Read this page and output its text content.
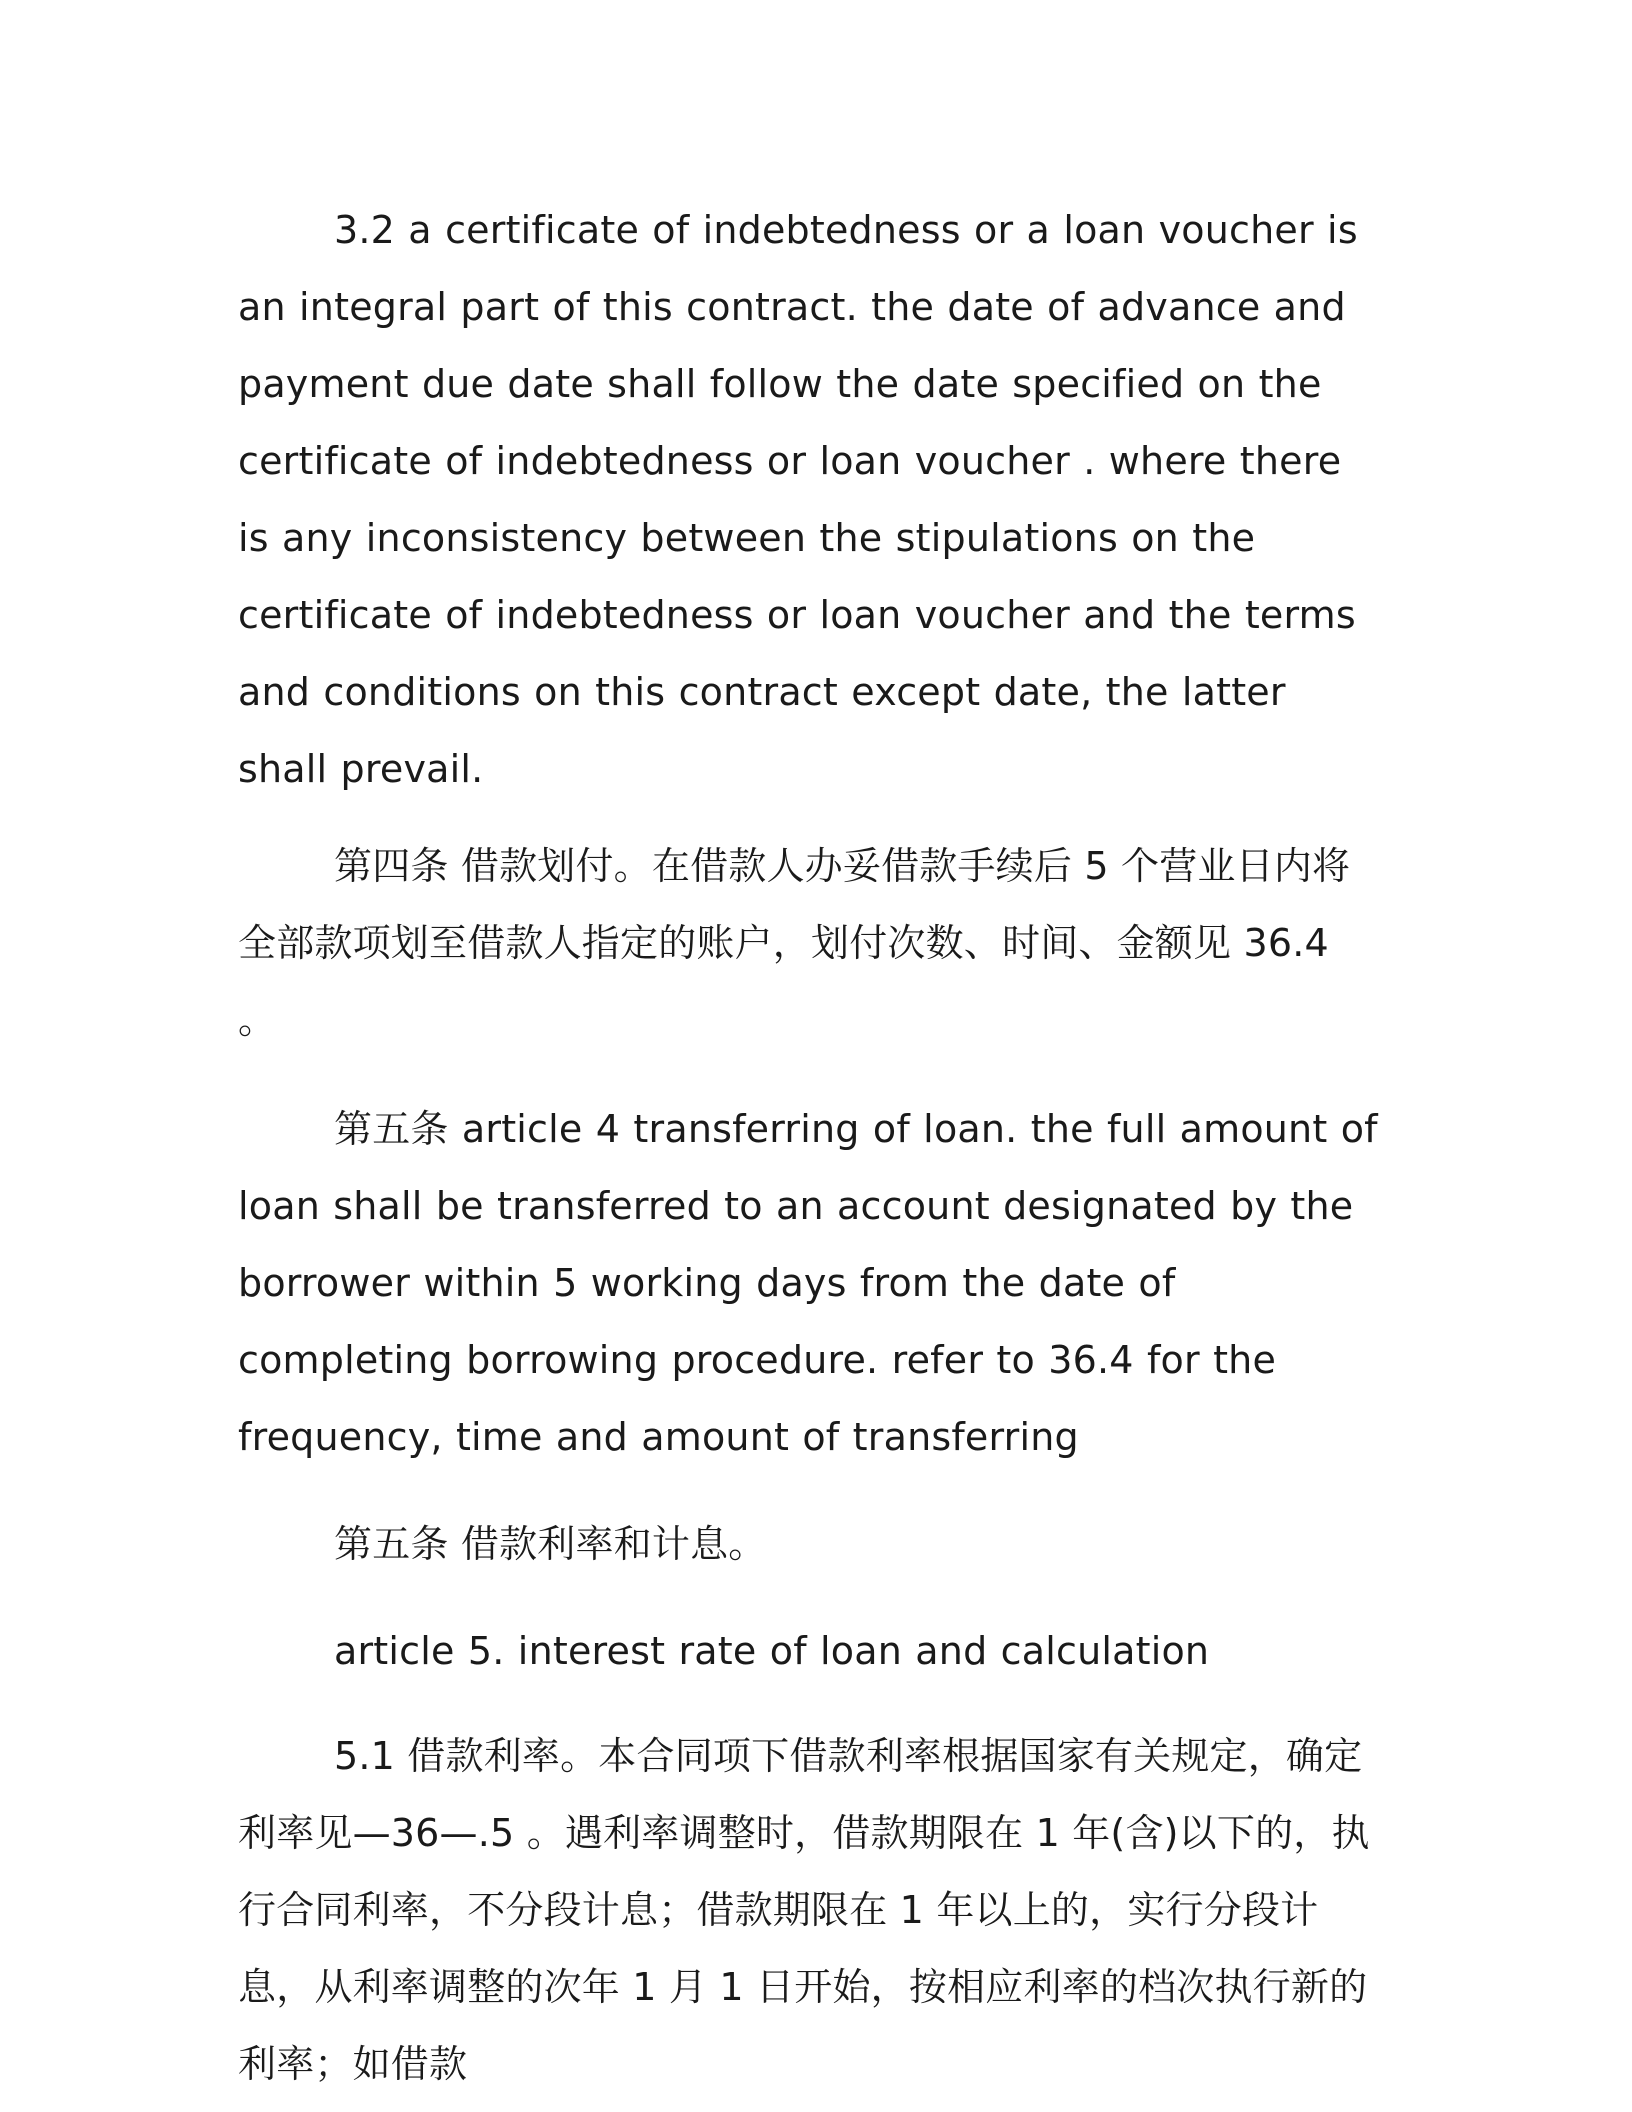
3.2 a certificate of indebtedness or a loan voucher is an integral part of this contract. the date of advance and payment due date shall follow the date specified on the certificate of indebtedness or loan voucher . where there is any inconsistency between the stipulations on the certificate of indebtedness or loan voucher and the terms and conditions on this contract except date, the latter shall prevail.

第四条 借款划付。在借款人办妥借款手续后 5 个营业日内将全部款项划至借款人指定的账户，划付次数、时间、金额见 36.4 。

第五条 article 4 transferring of loan. the full amount of loan shall be transferred to an account designated by the borrower within 5 working days from the date of completing borrowing procedure. refer to 36.4 for the frequency, time and amount of transferring

第五条 借款利率和计息。

article 5. interest rate of loan and calculation

5.1 借款利率。本合同项下借款利率根据国家有关规定，确定利率见—36—.5 。遇利率调整时，借款期限在 1 年(含)以下的，执行合同利率，不分段计息；借款期限在 1 年以上的，实行分段计息，从利率调整的次年 1 月 1 日开始，按相应利率的档次执行新的利率；如借款
